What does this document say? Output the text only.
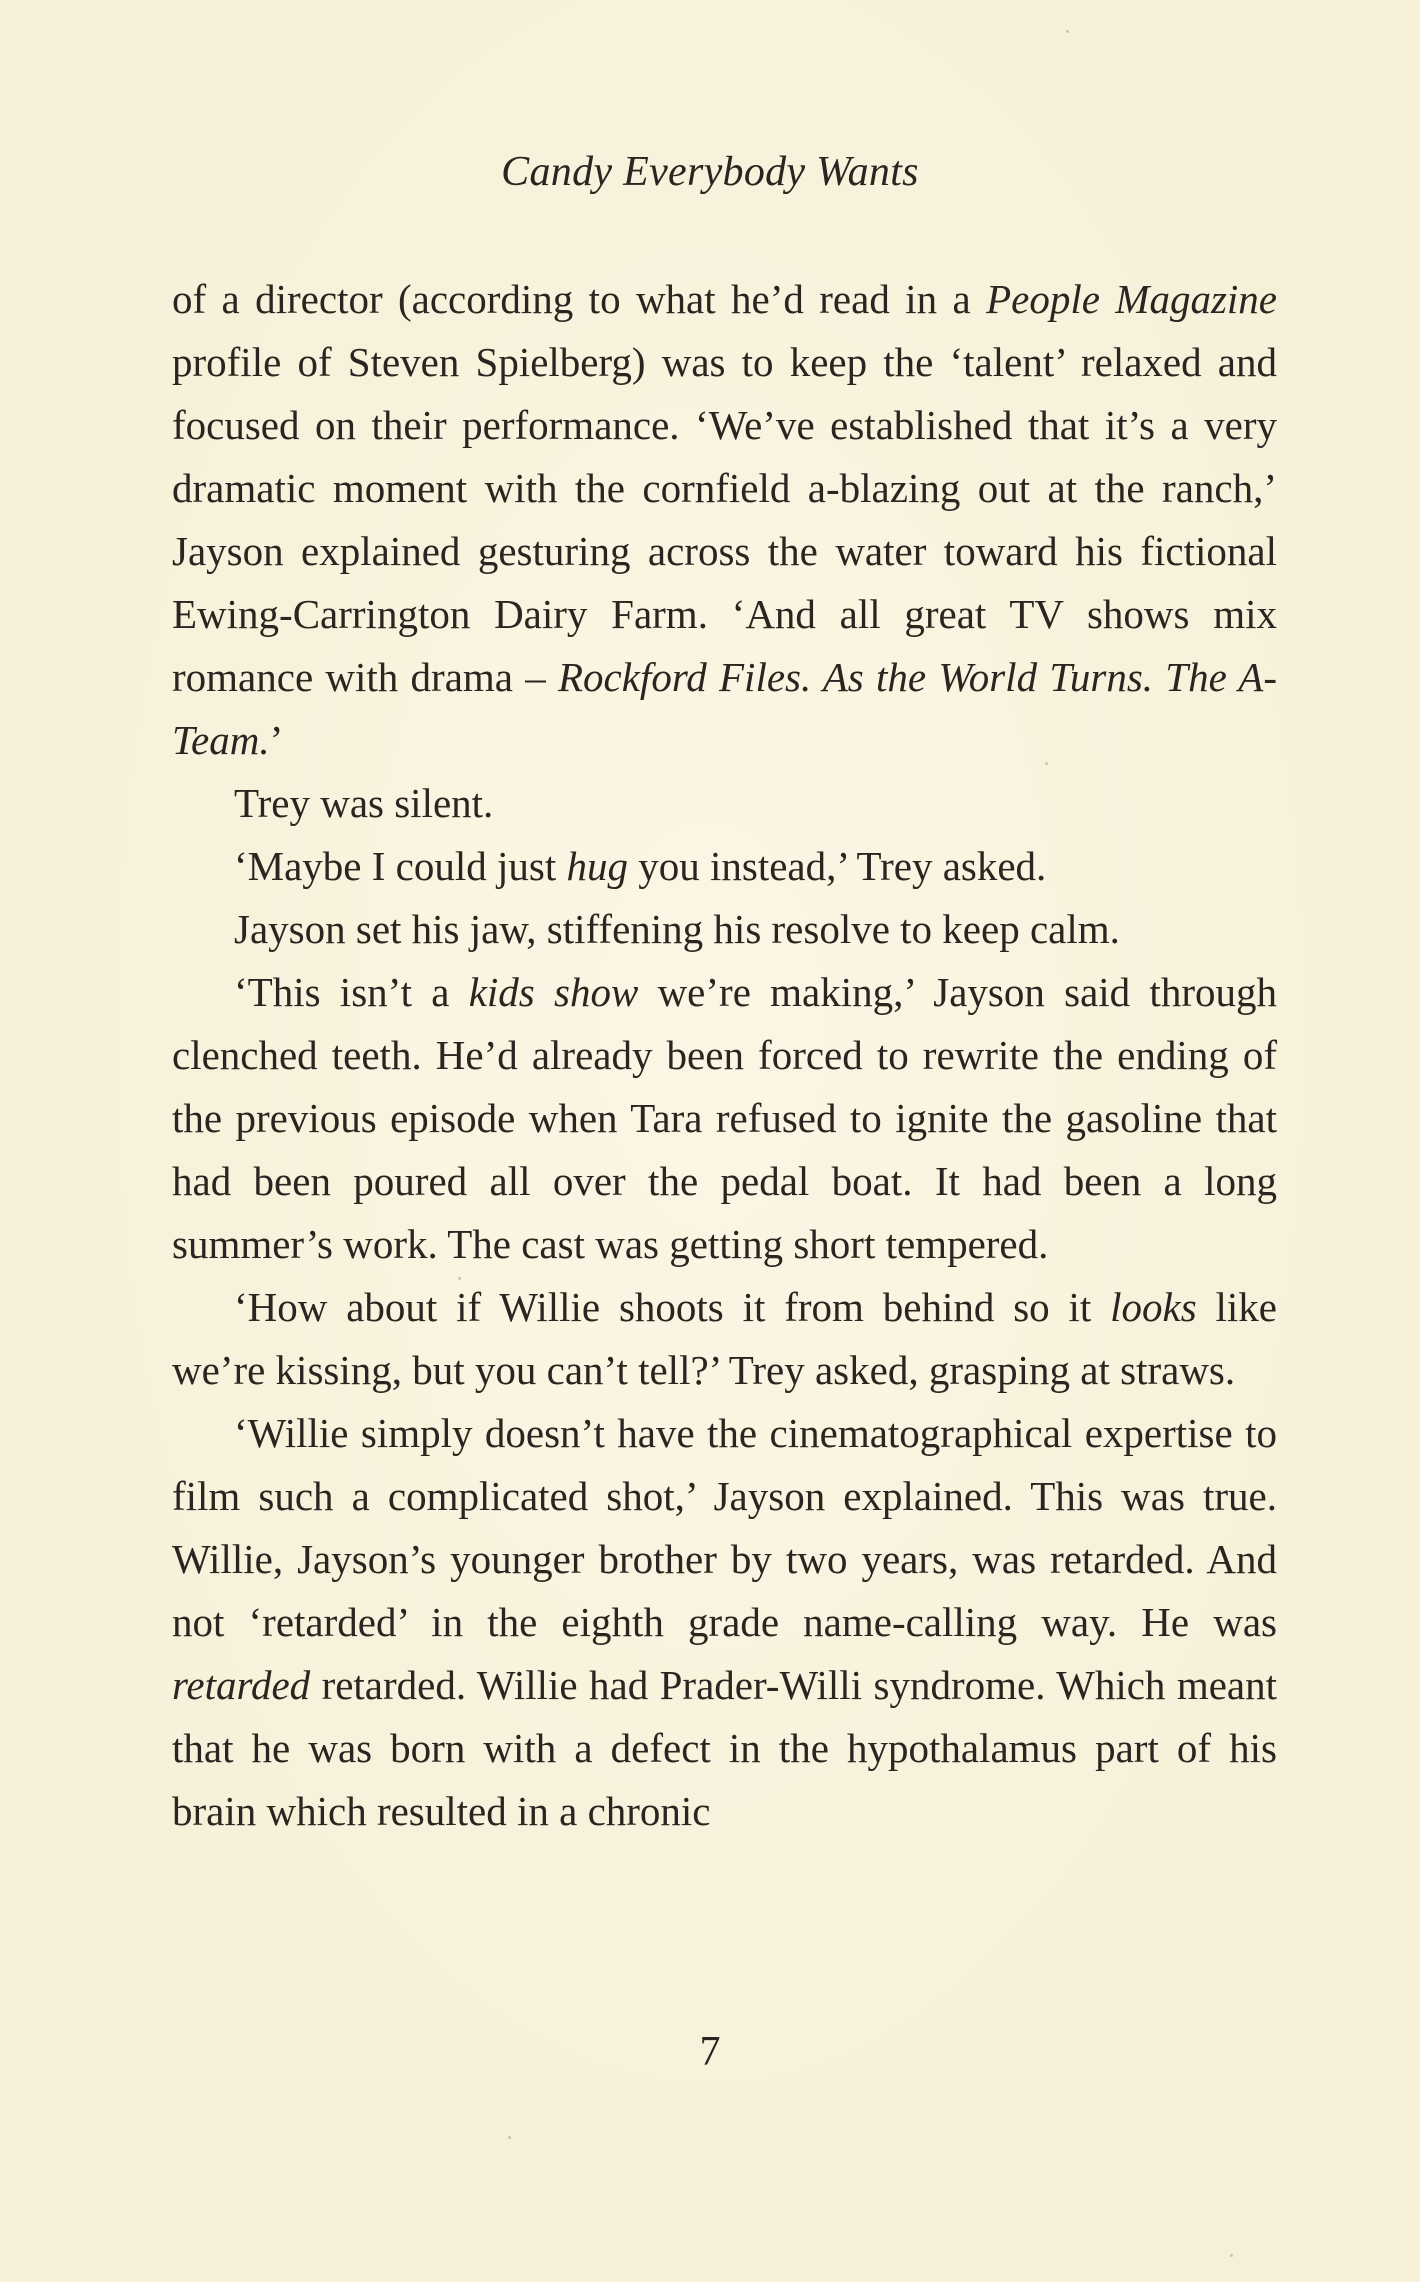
Candy Everybody Wants

of a director (according to what he’d read in a People Magazine profile of Steven Spielberg) was to keep the ‘talent’ relaxed and focused on their performance. ‘We’ve established that it’s a very dramatic moment with the cornfield a-blazing out at the ranch,’ Jayson explained gesturing across the water toward his fictional Ewing-Carrington Dairy Farm. ‘And all great TV shows mix romance with drama – Rockford Files. As the World Turns. The A-Team.’

Trey was silent.

‘Maybe I could just hug you instead,’ Trey asked.

Jayson set his jaw, stiffening his resolve to keep calm.

‘This isn’t a kids show we’re making,’ Jayson said through clenched teeth. He’d already been forced to rewrite the ending of the previous episode when Tara refused to ignite the gasoline that had been poured all over the pedal boat. It had been a long summer’s work. The cast was getting short tempered.

‘How about if Willie shoots it from behind so it looks like we’re kissing, but you can’t tell?’ Trey asked, grasping at straws.

‘Willie simply doesn’t have the cinematographical expertise to film such a complicated shot,’ Jayson explained. This was true. Willie, Jayson’s younger brother by two years, was retarded. And not ‘retarded’ in the eighth grade name-calling way. He was retarded retarded. Willie had Prader-Willi syndrome. Which meant that he was born with a defect in the hypothalamus part of his brain which resulted in a chronic

7
